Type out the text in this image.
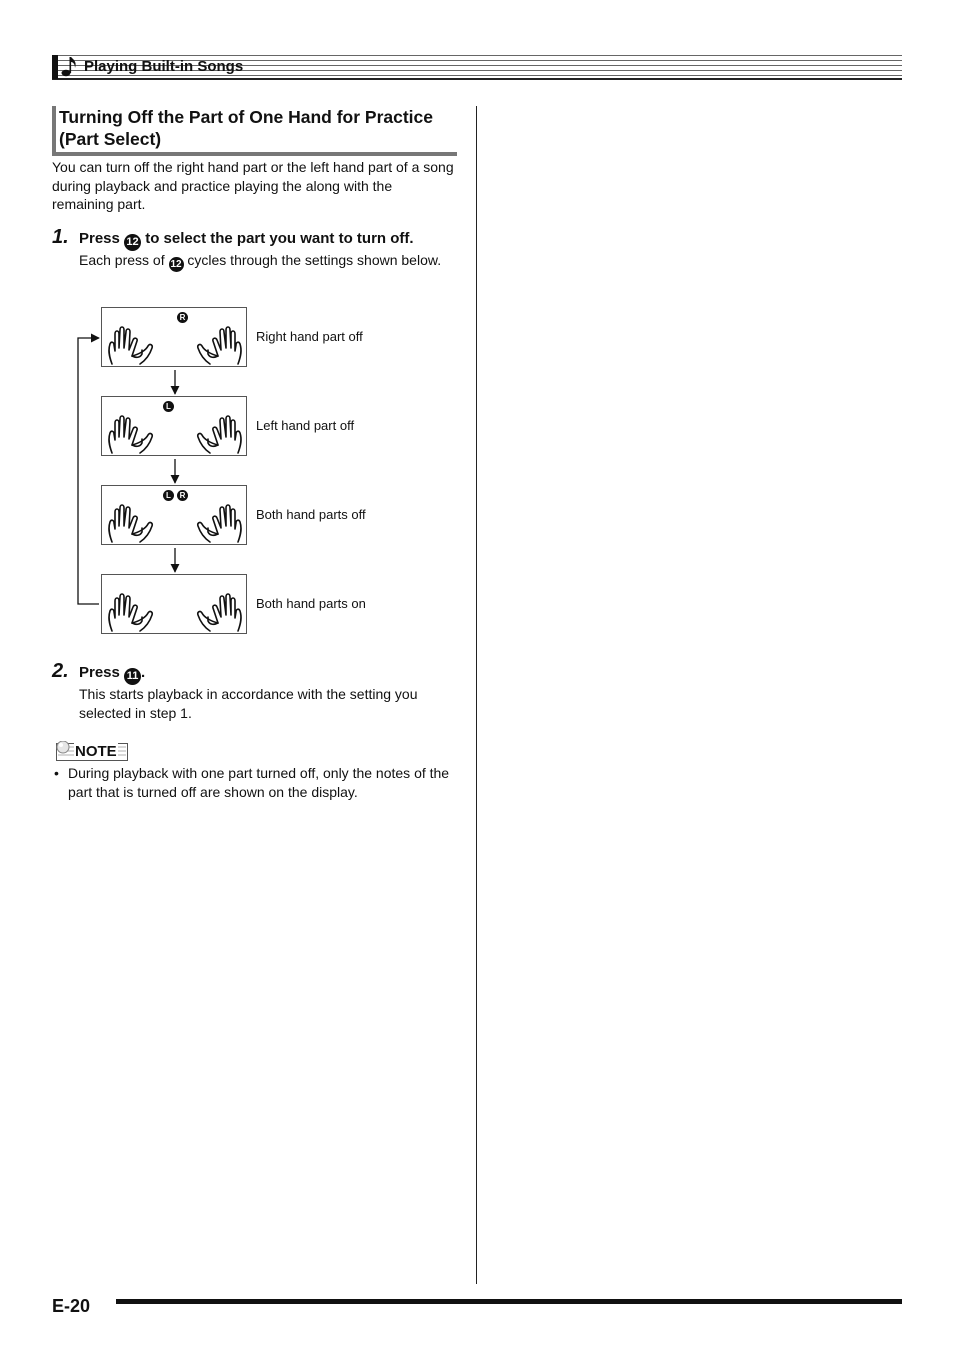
Playing Built-in Songs
Turning Off the Part of One Hand for Practice (Part Select)
You can turn off the right hand part or the left hand part of a song during playback and practice playing the along with the remaining part.
1. Press 12 to select the part you want to turn off.
Each press of 12 cycles through the settings shown below.
R
Right hand part off
L
Left hand part off
L	R
Both hand parts off
Both hand parts on
2. Press 11 .
This starts playback in accordance with the setting you selected in step 1.
NOTE
• During playback with one part turned off, only the notes of the part that is turned off are shown on the display.
E-20
